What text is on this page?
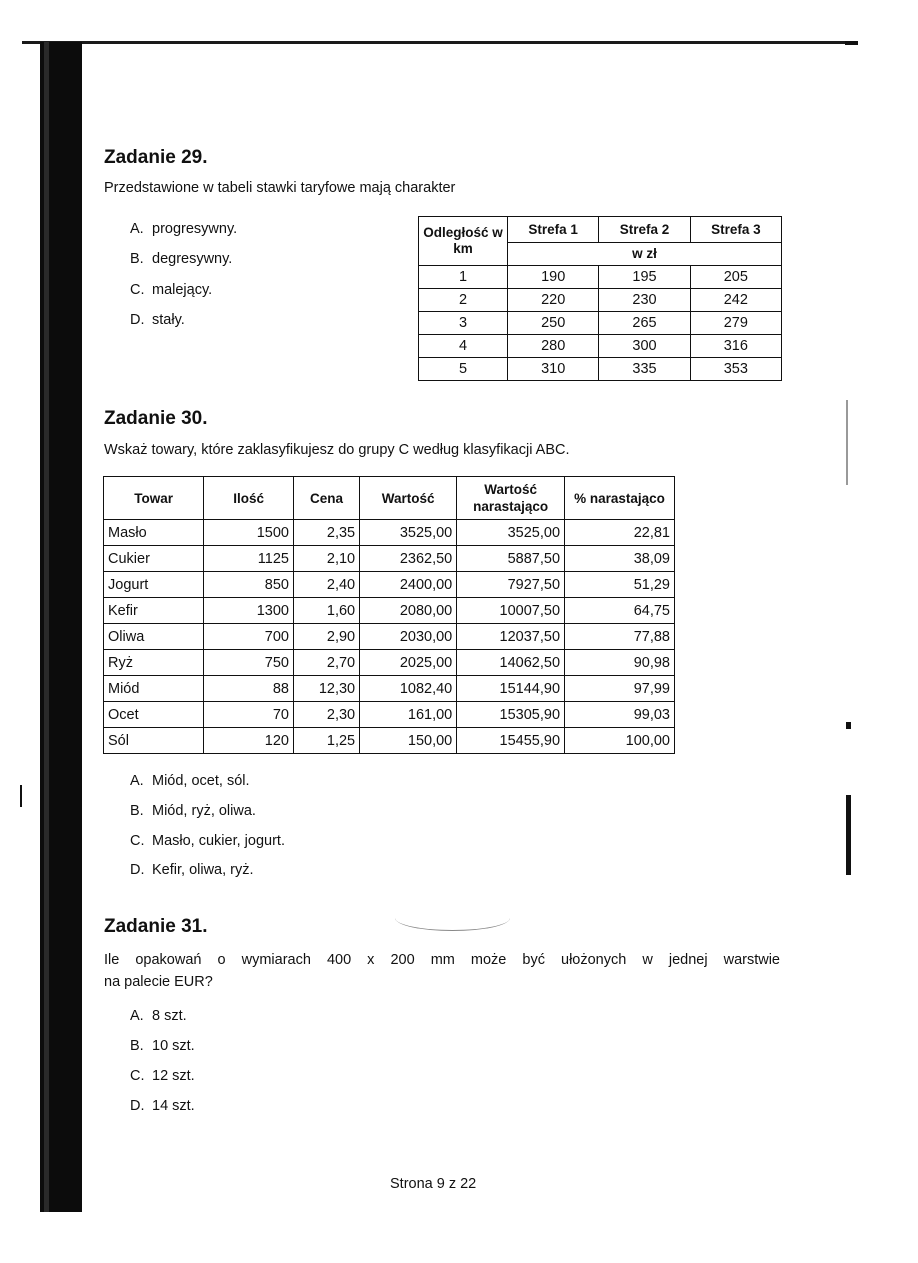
Zadanie 29.
Przedstawione w tabeli stawki taryfowe mają charakter
A. progresywny.
B. degresywny.
C. malejący.
D. stały.
Odległość w km	Strefa 1	Strefa 2	Strefa 3
	w zł		
1	190	195	205
2	220	230	242
3	250	265	279
4	280	300	316
5	310	335	353
Zadanie 30.
Wskaż towary, które zaklasyfikujesz do grupy C według klasyfikacji ABC.
Towar	Ilość	Cena	Wartość	Wartość narastająco	% narastająco
Masło	1500	2,35	3525,00	3525,00	22,81
Cukier	1125	2,10	2362,50	5887,50	38,09
Jogurt	850	2,40	2400,00	7927,50	51,29
Kefir	1300	1,60	2080,00	10007,50	64,75
Oliwa	700	2,90	2030,00	12037,50	77,88
Ryż	750	2,70	2025,00	14062,50	90,98
Miód	88	12,30	1082,40	15144,90	97,99
Ocet	70	2,30	161,00	15305,90	99,03
Sól	120	1,25	150,00	15455,90	100,00
A. Miód, ocet, sól.
B. Miód, ryż, oliwa.
C. Masło, cukier, jogurt.
D. Kefir, oliwa, ryż.
Zadanie 31.
Ile opakowań o wymiarach 400 x 200 mm może być ułożonych w jednej warstwie
na palecie EUR?
A. 8 szt.
B. 10 szt.
C. 12 szt.
D. 14 szt.
Strona 9 z 22
